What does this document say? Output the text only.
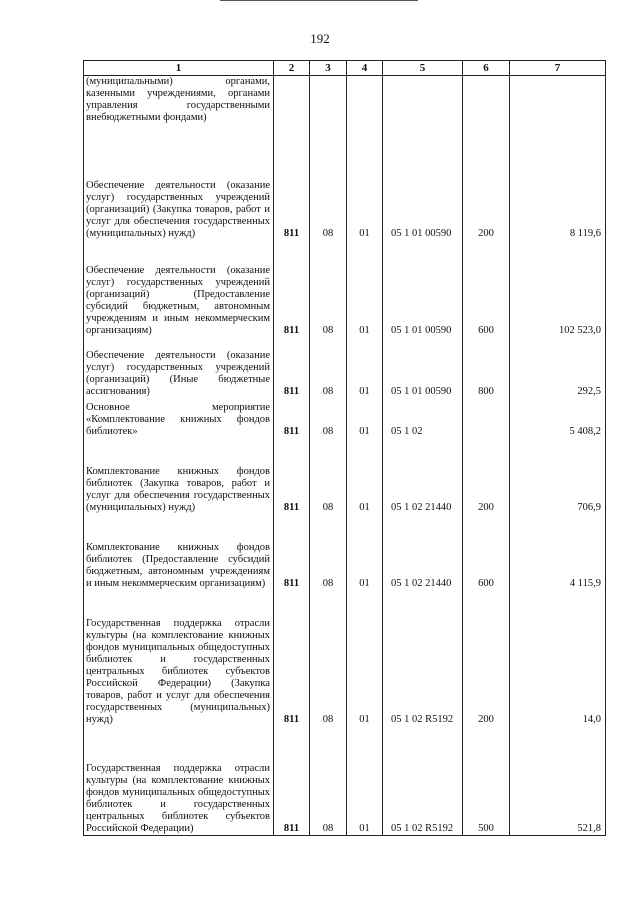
192
1	2	3	4	5	6	7
(муниципальными) органами, казенными учреждениями, органами управления государственными внебюджетными фондами)						
Обеспечение деятельности (оказание услуг) государственных учреждений (организаций) (Закупка товаров, работ и услуг для обеспечения государственных (муниципальных) нужд)	811	08	01	05 1 01 00590	200	8 119,6
Обеспечение деятельности (оказание услуг) государственных учреждений (организаций) (Предоставление субсидий бюджетным, автономным учреждениям и иным некоммерческим организациям)	811	08	01	05 1 01 00590	600	102 523,0
Обеспечение деятельности (оказание услуг) государственных учреждений (организаций) (Иные бюджетные ассигнования)	811	08	01	05 1 01 00590	800	292,5
Основное мероприятие «Комплектование книжных фондов библиотек»	811	08	01	05 1 02		5 408,2
Комплектование книжных фондов библиотек (Закупка товаров, работ и услуг для обеспечения государственных (муниципальных) нужд)	811	08	01	05 1 02 21440	200	706,9
Комплектование книжных фондов библиотек (Предоставление субсидий бюджетным, автономным учреждениям и иным некоммерческим организациям)	811	08	01	05 1 02 21440	600	4 115,9
Государственная поддержка отрасли культуры (на комплектование книжных фондов муниципальных общедоступных библиотек и государственных центральных библиотек субъектов Российской Федерации) (Закупка товаров, работ и услуг для обеспечения государственных (муниципальных) нужд)	811	08	01	05 1 02 R5192	200	14,0
Государственная поддержка отрасли культуры (на комплектование книжных фондов муниципальных общедоступных библиотек и государственных центральных библиотек субъектов Российской Федерации)	811	08	01	05 1 02 R5192	500	521,8
